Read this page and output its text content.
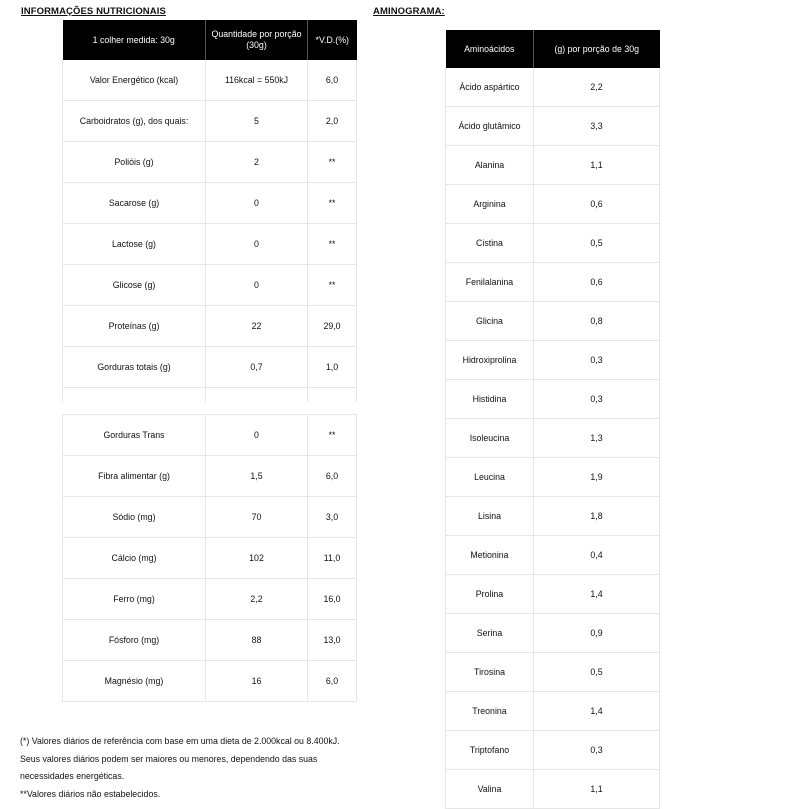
INFORMAÇÕES NUTRICIONAIS	AMINOGRAMA:
1 colher medida: 30g	Quantidade por porção (30g)	*V.D.(%)
Valor Energético (kcal)	116kcal = 550kJ	6,0
Carboidratos (g), dos quais:	5	2,0
Polióis (g)	2	**
Sacarose (g)	0	**
Lactose (g)	0	**
Glicose (g)	0	**
Proteínas (g)	22	29,0
Gorduras totais (g)	0,7	1,0

Gorduras Trans	0	**
Fibra alimentar (g)	1,5	6,0
Sódio (mg)	70	3,0
Cálcio (mg)	102	11,0
Ferro (mg)	2,2	16,0
Fósforo (mg)	88	13,0
Magnésio (mg)	16	6,0
Aminoácidos	(g) por porção de 30g
Ácido aspártico	2,2
Ácido glutâmico	3,3
Alanina	1,1
Arginina	0,6
Cistina	0,5
Fenilalanina	0,6
Glicina	0,8
Hidroxiprolina	0,3
Histidina	0,3
Isoleucina	1,3
Leucina	1,9
Lisina	1,8
Metionina	0,4
Prolina	1,4
Serina	0,9
Tirosina	0,5
Treonina	1,4
Triptofano	0,3
Valina	1,1
(*) Valores diários de referência com base em uma dieta de 2.000kcal ou 8.400kJ. Seus valores diários podem ser maiores ou menores, dependendo das suas necessidades energéticas.
**Valores diários não estabelecidos.
